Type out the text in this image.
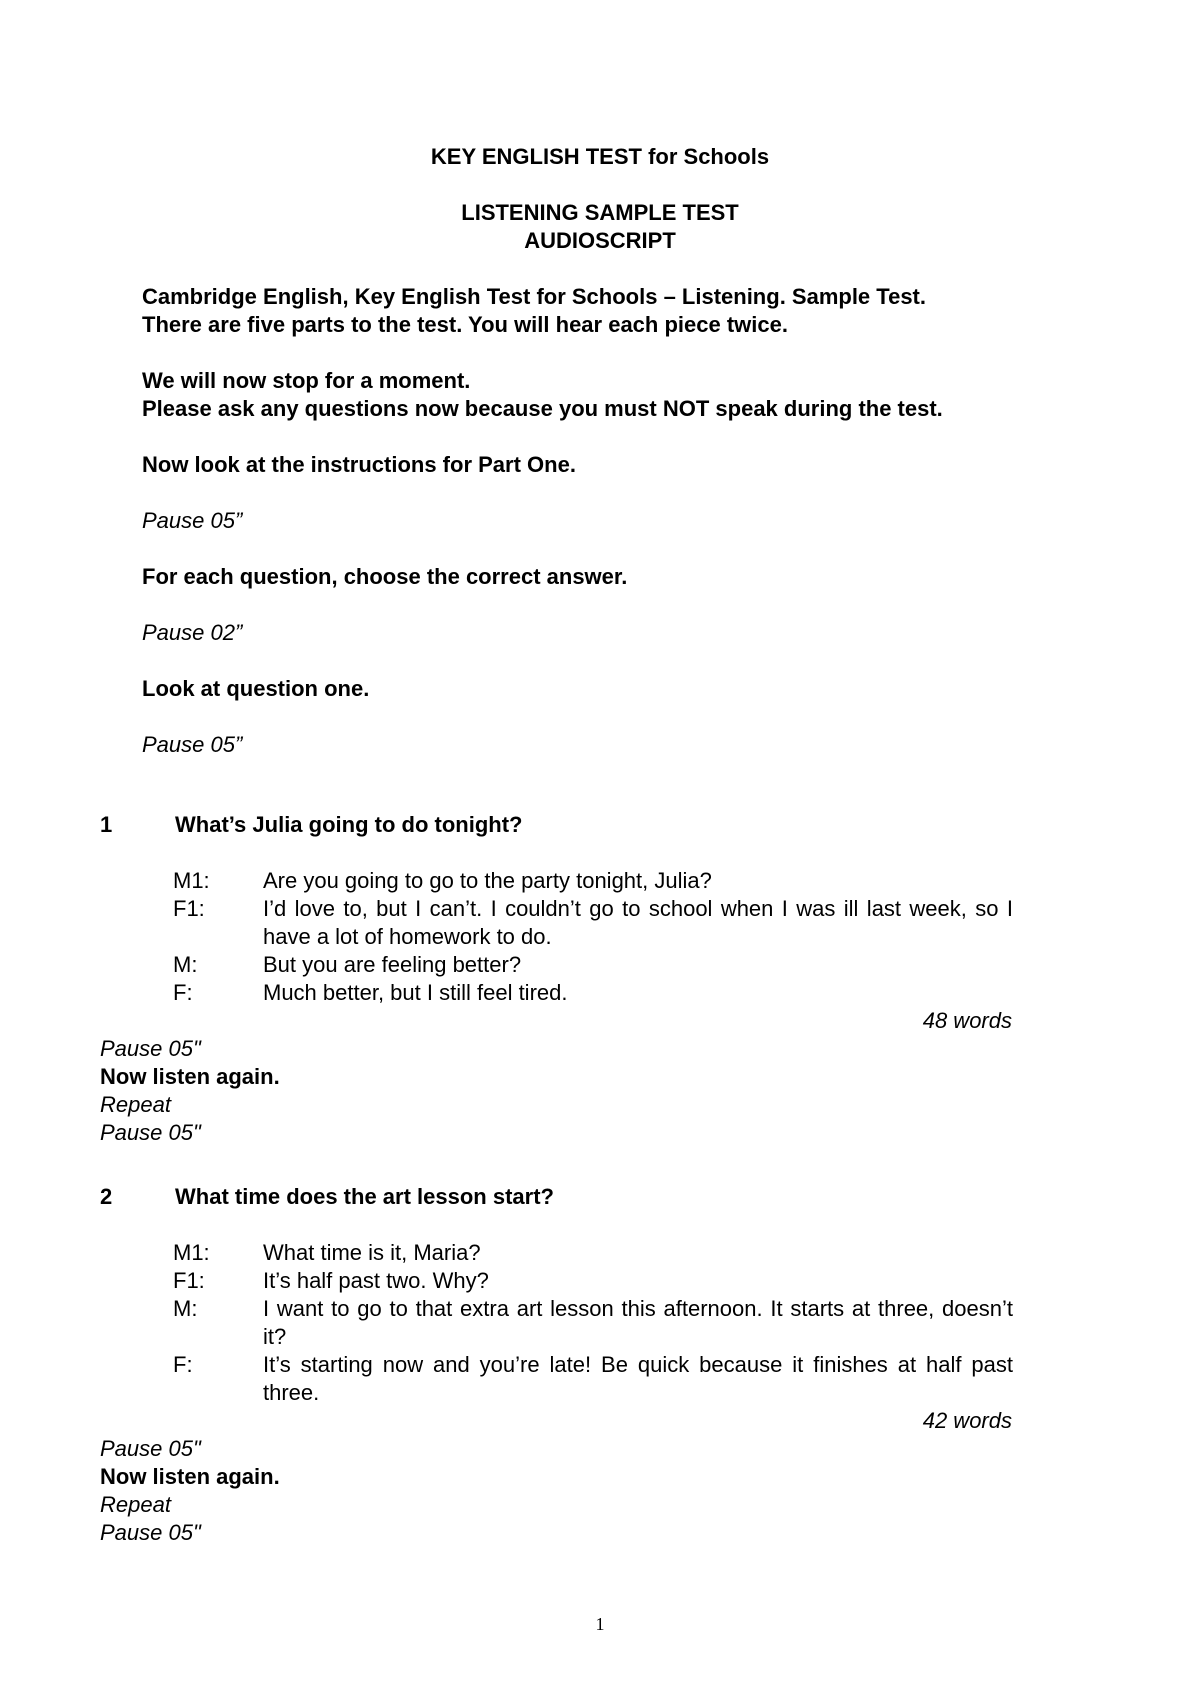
KEY ENGLISH TEST for Schools
LISTENING SAMPLE TEST
AUDIOSCRIPT
Cambridge English, Key English Test for Schools – Listening. Sample Test.
There are five parts to the test. You will hear each piece twice.
We will now stop for a moment.
Please ask any questions now because you must NOT speak during the test.
Now look at the instructions for Part One.
Pause 05”
For each question, choose the correct answer.
Pause 02”
Look at question one.
Pause 05”
1	What’s Julia going to do tonight?
M1:	Are you going to go to the party tonight, Julia?
F1:	I’d love to, but I can’t. I couldn’t go to school when I was ill last week, so I have a lot of homework to do.
M:	But you are feeling better?
F:	Much better, but I still feel tired.
48 words
Pause 05"
Now listen again.
Repeat
Pause 05"
2	What time does the art lesson start?
M1:	What time is it, Maria?
F1:	It’s half past two. Why?
M:	I want to go to that extra art lesson this afternoon. It starts at three, doesn’t it?
F:	It’s starting now and you’re late! Be quick because it finishes at half past three.
42 words
Pause 05"
Now listen again.
Repeat
Pause 05"
1
